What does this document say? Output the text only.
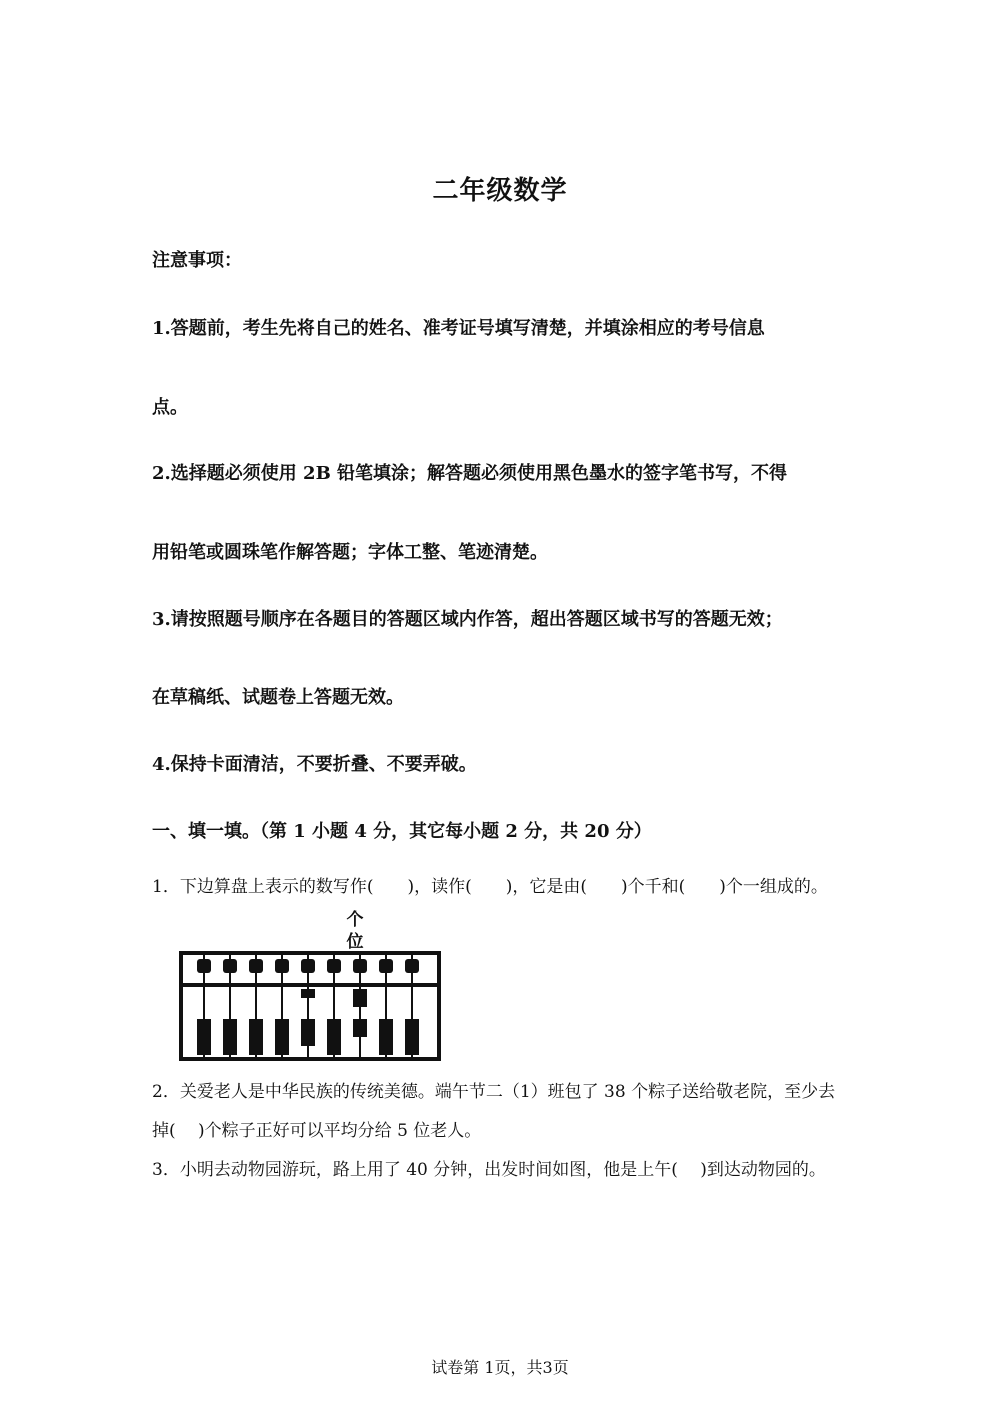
二年级数学
注意事项：
1.答题前，考生先将自己的姓名、准考证号填写清楚，并填涂相应的考号信息
点。
2.选择题必须使用 2B 铅笔填涂；解答题必须使用黑色墨水的签字笔书写，不得
用铅笔或圆珠笔作解答题；字体工整、笔迹清楚。
3.请按照题号顺序在各题目的答题区域内作答，超出答题区域书写的答题无效；
在草稿纸、试题卷上答题无效。
4.保持卡面清洁，不要折叠、不要弄破。
一、填一填。（第 1 小题 4 分，其它每小题 2 分，共 20 分）
1．下边算盘上表示的数写作(　　)，读作(　　)，它是由(　　)个千和(　　)个一组成的。
个
位
2．关爱老人是中华民族的传统美德。端午节二（1）班包了 38 个粽子送给敬老院，至少去
掉(　 )个粽子正好可以平均分给 5 位老人。
3．小明去动物园游玩，路上用了 40 分钟，出发时间如图，他是上午(　 )到达动物园的。
试卷第 1页，共3页
